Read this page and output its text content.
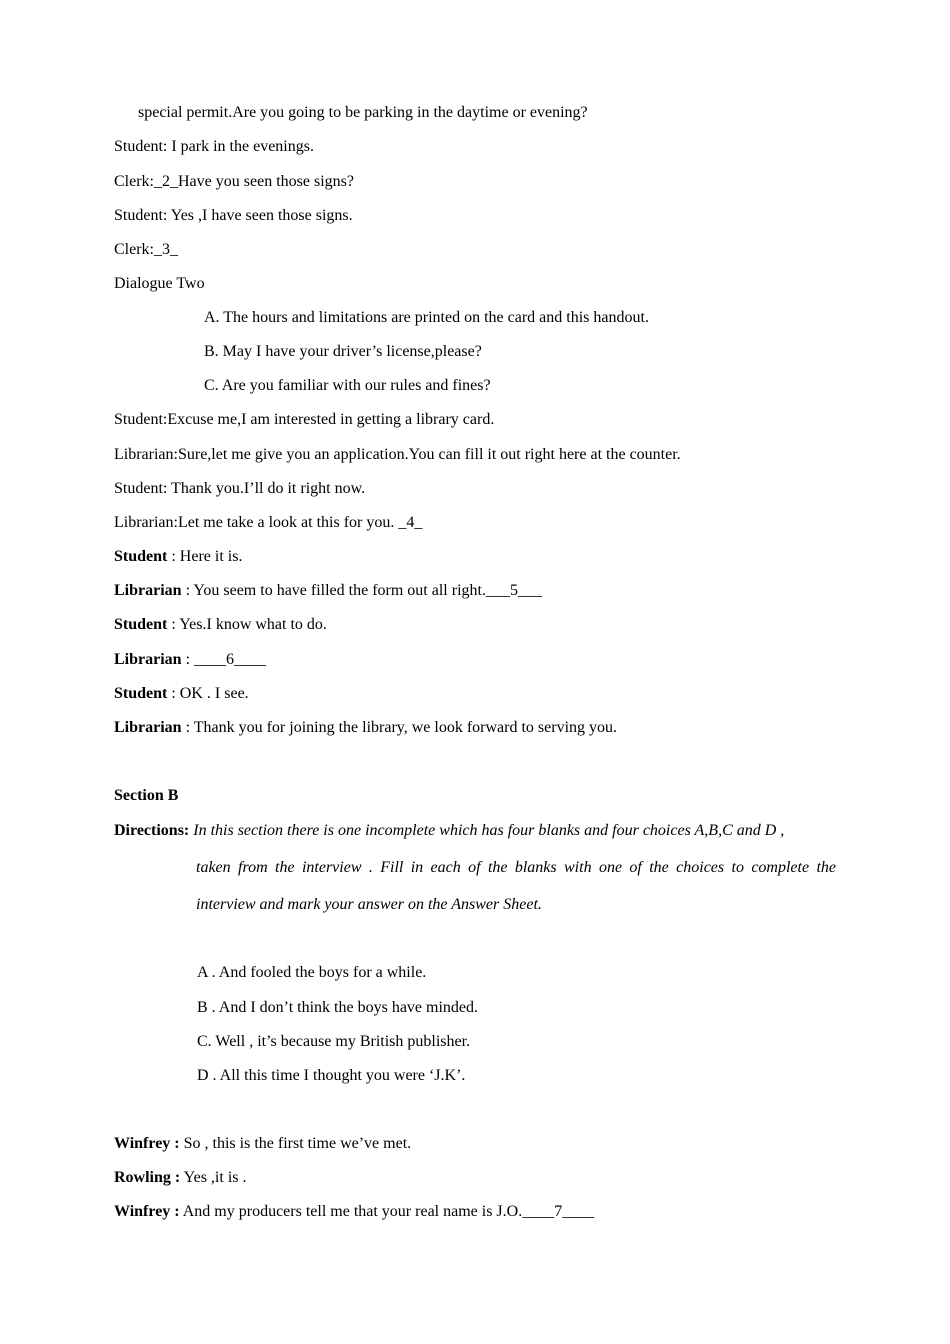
special permit.Are you going to be parking in the daytime or evening?
Student: I park in the evenings.
Clerk:_2_Have you seen those signs?
Student: Yes ,I have seen those signs.
Clerk:_3_
Dialogue Two
A. The hours and limitations are printed on the card and this handout.
B. May I have your driver’s license,please?
C. Are you familiar with our rules and fines?
Student:Excuse me,I am interested in getting a library card.
Librarian:Sure,let me give you an application.You can fill it out right here at the counter.
Student: Thank you.I’ll do it right now.
Librarian:Let me take a look at this for you. _4_
Student : Here it is.
Librarian : You seem to have filled the form out all right.___5___
Student : Yes.I know what to do.
Librarian : ____6____
Student : OK . I see.
Librarian : Thank you for joining the library, we look forward to serving you.
Section B
Directions: In this section there is one incomplete which has four blanks and four choices A,B,C and D ,
taken from the interview . Fill in each of the blanks with one of the choices to complete the
interview and mark your answer on the Answer Sheet.
A . And fooled the boys for a while.
B . And I don’t think the boys have minded.
C. Well , it’s because my British publisher.
D . All this time I thought you were ‘J.K’.
Winfrey : So , this is the first time we’ve met.
Rowling : Yes ,it is .
Winfrey : And my producers tell me that your real name is J.O.____7____
